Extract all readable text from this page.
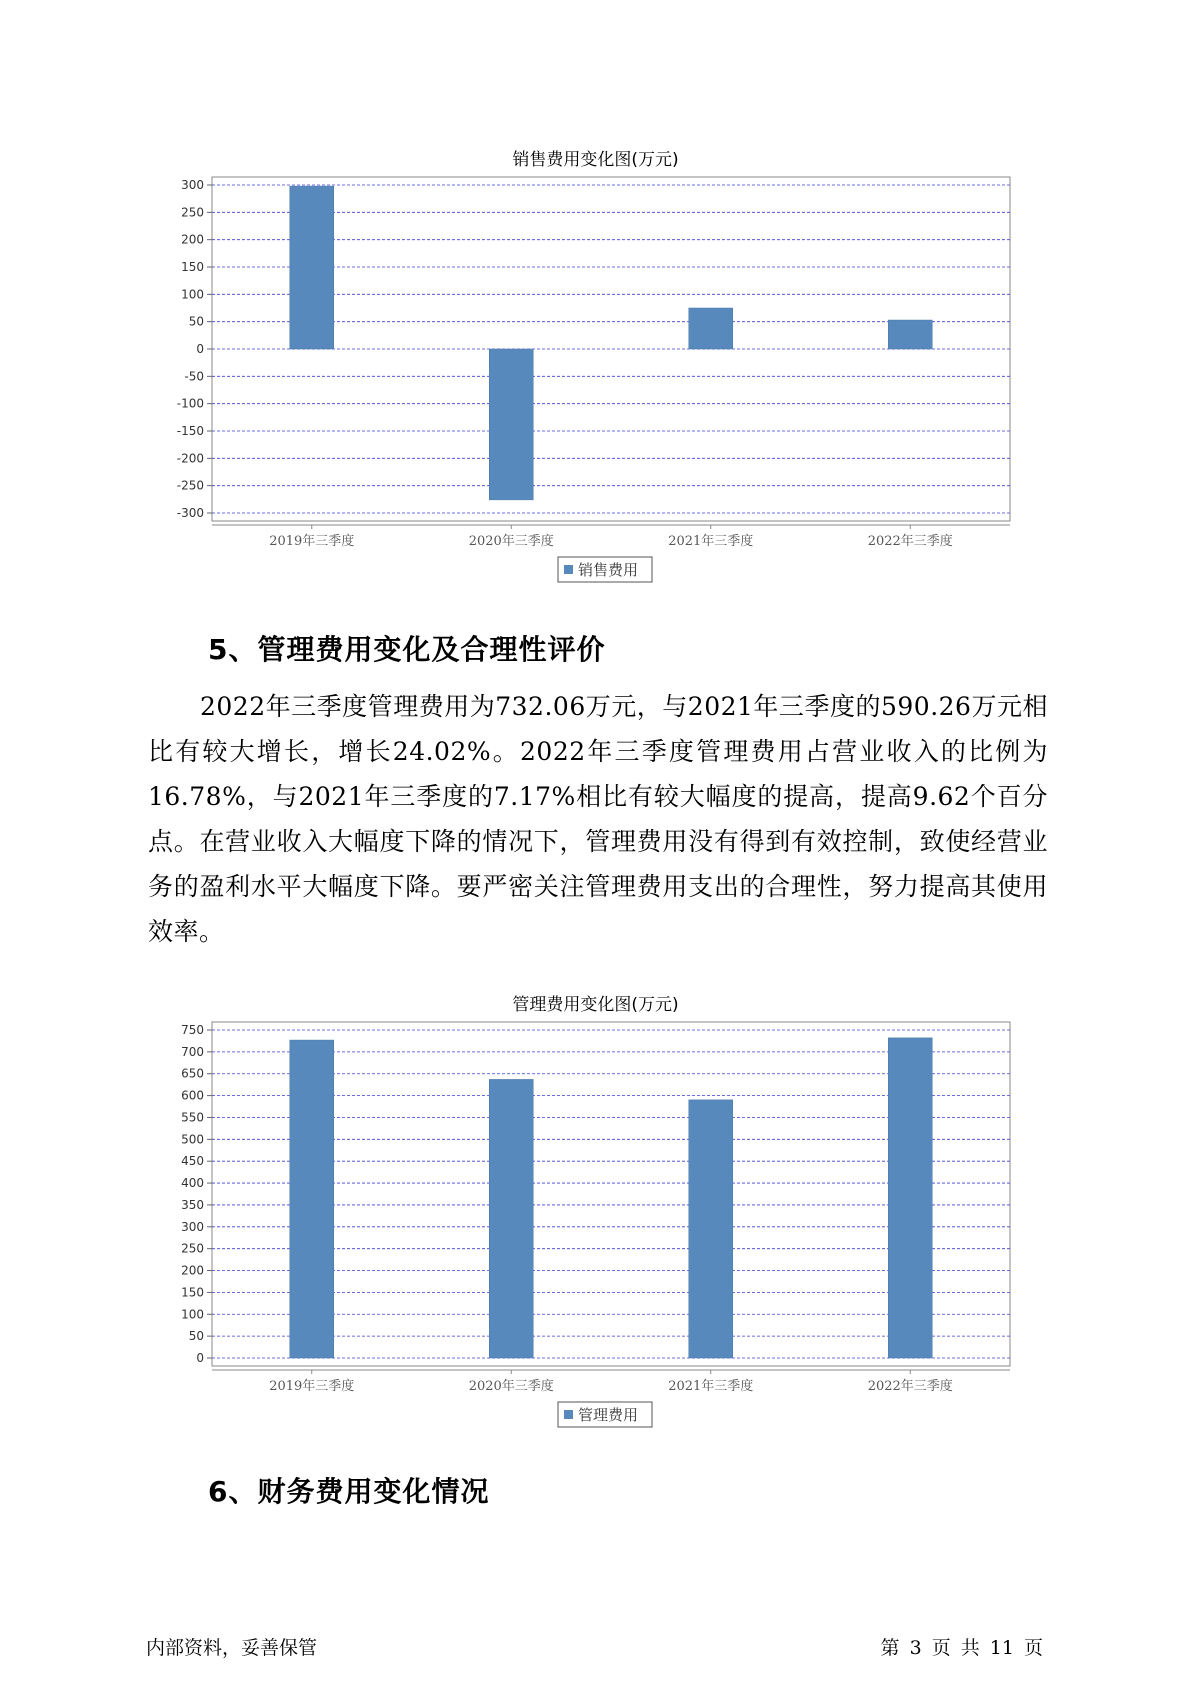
销售费用变化图(万元)
300
250
200
150
100
50
0
-50
-100
-150
-200
-250
-300
2019年三季度	2020年三季度	2021年三季度	2022年三季度
销售费用
5、管理费用变化及合理性评价
2022年三季度管理费用为732.06万元，与2021年三季度的590.26万元相比有较大增长，增长24.02%。2022年三季度管理费用占营业收入的比例为16.78%，与2021年三季度的7.17%相比有较大幅度的提高，提高9.62个百分点。在营业收入大幅度下降的情况下，管理费用没有得到有效控制，致使经营业务的盈利水平大幅度下降。要严密关注管理费用支出的合理性，努力提高其使用效率。
管理费用变化图(万元)
750
700
650
600
550
500
450
400
350
300
250
200
150
100
50
0
2019年三季度	2020年三季度	2021年三季度	2022年三季度
管理费用
6、财务费用变化情况
内部资料，妥善保管	第 3 页 共 11 页
